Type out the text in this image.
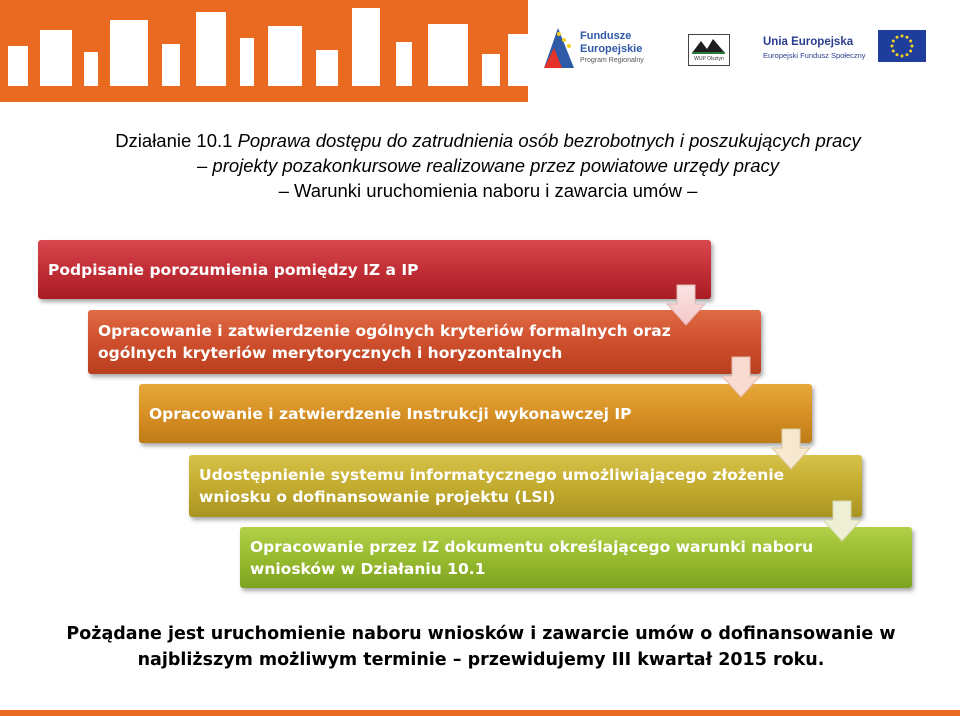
Fundusze
Europejskie
Program Regionalny	WUP Olsztyn
Unia Europejska
Europejski Fundusz Społeczny
Działanie 10.1 Poprawa dostępu do zatrudnienia osób bezrobotnych i poszukujących pracy
– projekty pozakonkursowe realizowane przez powiatowe urzędy pracy
– Warunki uruchomienia naboru i zawarcia umów –
Podpisanie porozumienia pomiędzy IZ a IP
Opracowanie i zatwierdzenie ogólnych kryteriów formalnych oraz ogólnych kryteriów merytorycznych i horyzontalnych
Opracowanie i zatwierdzenie Instrukcji wykonawczej IP
Udostępnienie systemu informatycznego umożliwiającego złożenie wniosku o dofinansowanie projektu (LSI)
Opracowanie przez IZ dokumentu określającego warunki naboru wniosków w Działaniu 10.1
Pożądane jest uruchomienie naboru wniosków i zawarcie umów o dofinansowanie w najbliższym możliwym terminie – przewidujemy III kwartał 2015 roku.
